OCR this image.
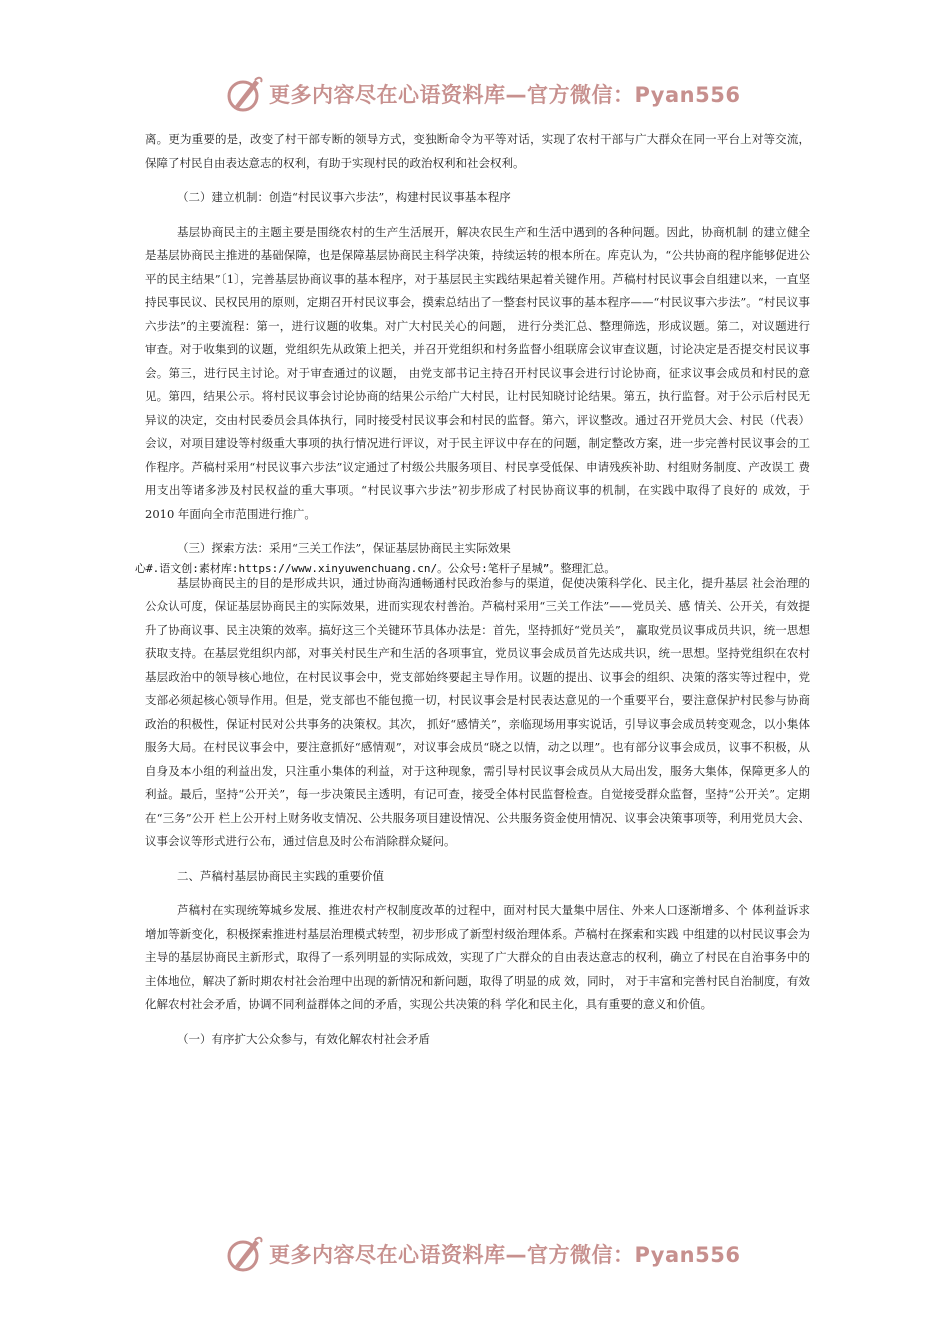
更多内容尽在心语资料库—官方微信：Pyan556

离。更为重要的是，改变了村干部专断的领导方式，变独断命令为平等对话，实现了农村干部与广大群众在同一平台上对等交流，保障了村民自由表达意志的权利，有助于实现村民的政治权利和社会权利。

（二）建立机制：创造“村民议事六步法”，构建村民议事基本程序

基层协商民主的主题主要是围绕农村的生产生活展开，解决农民生产和生活中遇到的各种问题。因此，协商机制 的建立健全是基层协商民主推进的基础保障，也是保障基层协商民主科学决策，持续运转的根本所在。库克认为，“公共协商的程序能够促进公平的民主结果”〔1〕，完善基层协商议事的基本程序，对于基层民主实践结果起着关键作用。芦稿村村民议事会自组建以来，一直坚持民事民议、民权民用的原则，定期召开村民议事会，摸索总结出了一整套村民议事的基本程序——“村民议事六步法”。“村民议事六步法”的主要流程：第一，进行议题的收集。对广大村民关心的问题， 进行分类汇总、整理筛选，形成议题。第二，对议题进行审查。对于收集到的议题，党组织先从政策上把关，并召开党组织和村务监督小组联席会议审查议题，讨论决定是否提交村民议事会。第三，进行民主讨论。对于审查通过的议题， 由党支部书记主持召开村民议事会进行讨论协商，征求议事会成员和村民的意见。第四，结果公示。将村民议事会讨论协商的结果公示给广大村民，让村民知晓讨论结果。第五，执行监督。对于公示后村民无异议的决定，交由村民委员会具体执行，同时接受村民议事会和村民的监督。第六，评议整改。通过召开党员大会、村民（代表）会议，对项目建设等村级重大事项的执行情况进行评议，对于民主评议中存在的问题，制定整改方案，进一步完善村民议事会的工作程序。芦稿村采用“村民议事六步法”议定通过了村级公共服务项目、村民享受低保、申请残疾补助、村组财务制度、产改误工 费用支出等诸多涉及村民权益的重大事项。“村民议事六步法”初步形成了村民协商议事的机制，在实践中取得了良好的 成效，于 2010 年面向全市范围进行推广。

（三）探索方法：采用“三关工作法”，保证基层协商民主实际效果

心#.语文创:素材库:https://www.xinyuwenchuang.cn/。公众号:笔杆子星城”。整理汇总。

基层协商民主的目的是形成共识，通过协商沟通畅通村民政治参与的渠道，促使决策科学化、民主化，提升基层 社会治理的公众认可度，保证基层协商民主的实际效果，进而实现农村善治。芦稿村采用“三关工作法”——党员关、感 情关、公开关，有效提升了协商议事、民主决策的效率。搞好这三个关键环节具体办法是：首先，坚持抓好“党员关”， 赢取党员议事成员共识，统一思想获取支持。在基层党组织内部，对事关村民生产和生活的各项事宜，党员议事会成员首先达成共识，统一思想。坚持党组织在农村基层政治中的领导核心地位，在村民议事会中，党支部始终要起主导作用。议题的提出、议事会的组织、决策的落实等过程中，党支部必须起核心领导作用。但是，党支部也不能包揽一切，村民议事会是村民表达意见的一个重要平台，要注意保护村民参与协商政治的积极性，保证村民对公共事务的决策权。其次， 抓好“感情关”，亲临现场用事实说话，引导议事会成员转变观念，以小集体服务大局。在村民议事会中，要注意抓好“感情观”，对议事会成员“晓之以情，动之以理”。也有部分议事会成员，议事不积极，从自身及本小组的利益出发，只注重小集体的利益，对于这种现象，需引导村民议事会成员从大局出发，服务大集体，保障更多人的利益。最后，坚持“公开关”，每一步决策民主透明，有记可查，接受全体村民监督检查。自觉接受群众监督，坚持“公开关”。定期在“三务”公开 栏上公开村上财务收支情况、公共服务项目建设情况、公共服务资金使用情况、议事会决策事项等，利用党员大会、议事会议等形式进行公布，通过信息及时公布消除群众疑问。

二、芦稿村基层协商民主实践的重要价值

芦稿村在实现统筹城乡发展、推进农村产权制度改革的过程中，面对村民大量集中居住、外来人口逐渐增多、个 体利益诉求增加等新变化，积极探索推进村基层治理模式转型，初步形成了新型村级治理体系。芦稿村在探索和实践 中组建的以村民议事会为主导的基层协商民主新形式，取得了一系列明显的实际成效，实现了广大群众的自由表达意志的权利，确立了村民在自治事务中的主体地位，解决了新时期农村社会治理中出现的新情况和新问题，取得了明显的成 效，同时， 对于丰富和完善村民自治制度，有效化解农村社会矛盾，协调不同利益群体之间的矛盾，实现公共决策的科 学化和民主化，具有重要的意义和价值。

（一）有序扩大公众参与，有效化解农村社会矛盾

更多内容尽在心语资料库—官方微信：Pyan556
